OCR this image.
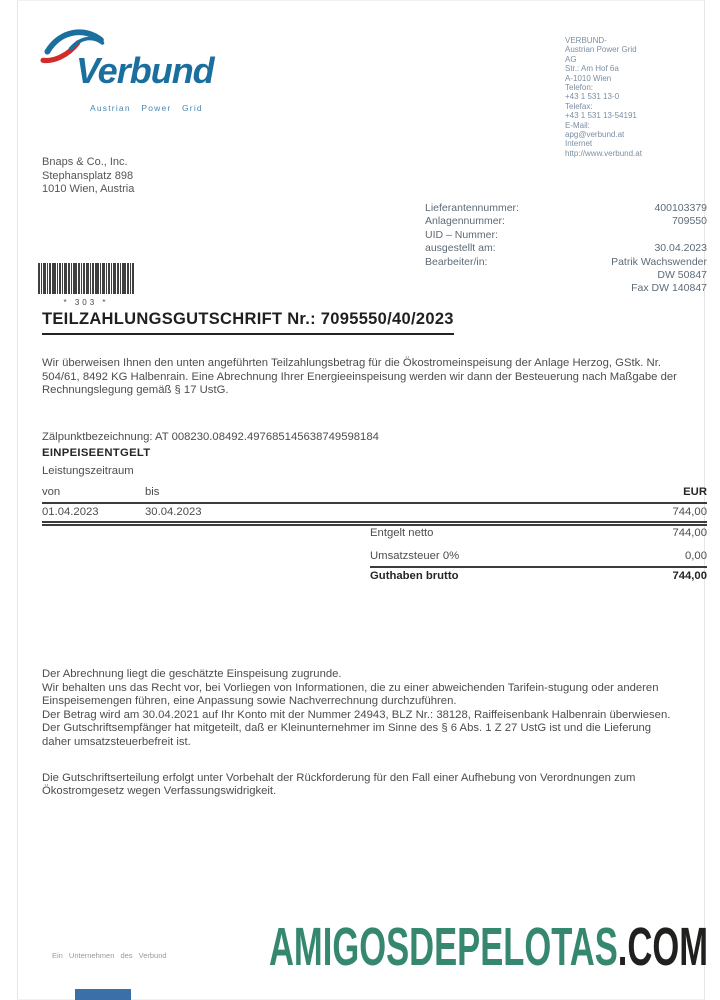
Verbund
Austrian Power Grid
VERBUND-
Austrian Power Grid
AG
Str.: Am Hof 6a
A-1010 Wien
Telefon:
+43 1 531 13-0
Telefax:
+43 1 531 13-54191
E-Mail:
apg@verbund.at
Internet
http://www.verbund.at
Bnaps & Co., Inc.
Stephansplatz 898
1010 Wien, Austria
Lieferantennummer:	400103379
Anlagennummer:	709550
UID – Nummer:
ausgestellt am:	30.04.2023
Bearbeiter/in:	Patrik Wachswender
DW 50847
Fax DW 140847
* 303 *
TEILZAHLUNGSGUTSCHRIFT Nr.: 7095550/40/2023
Wir überweisen Ihnen den unten angeführten Teilzahlungsbetrag für die Ökostromeinspeisung der Anlage Herzog, GStk. Nr. 504/61, 8492 KG Halbenrain. Eine Abrechnung Ihrer Energieeinspeisung werden wir dann der Besteuerung nach Maßgabe der Rechnungslegung gemäß § 17 UstG.
Zälpunktbezeichnung: AT 008230.08492.497685145638749598184
EINPEISEENTGELT
Leistungszeitraum
von	bis	EUR
01.04.2023	30.04.2023	744,00
Entgelt netto	744,00
Umsatzsteuer 0%	0,00
Guthaben brutto	744,00

Der Abrechnung liegt die geschätzte Einspeisung zugrunde.

Wir behalten uns das Recht vor, bei Vorliegen von Informationen, die zu einer abweichenden Tarifein-stugung oder anderen Einspeisemengen führen, eine Anpassung sowie Nachverrechnung durchzuführen.

Der Betrag wird am 30.04.2021 auf Ihr Konto mit der Nummer 24943, BLZ Nr.: 38128, Raiffeisenbank Halbenrain überwiesen.

Der Gutschriftsempfänger hat mitgeteilt, daß er Kleinunternehmer im Sinne des § 6 Abs. 1 Z 27 UstG ist und die Lieferung daher umsatzsteuerbefreit ist.

Die Gutschriftserteilung erfolgt unter Vorbehalt der Rückforderung für den Fall einer Aufhebung von Verordnungen zum Ökostromgesetz wegen Verfassungswidrigkeit.

Ein Unternehmen des Verbund AMIGOSDEPELOTAS.COM
